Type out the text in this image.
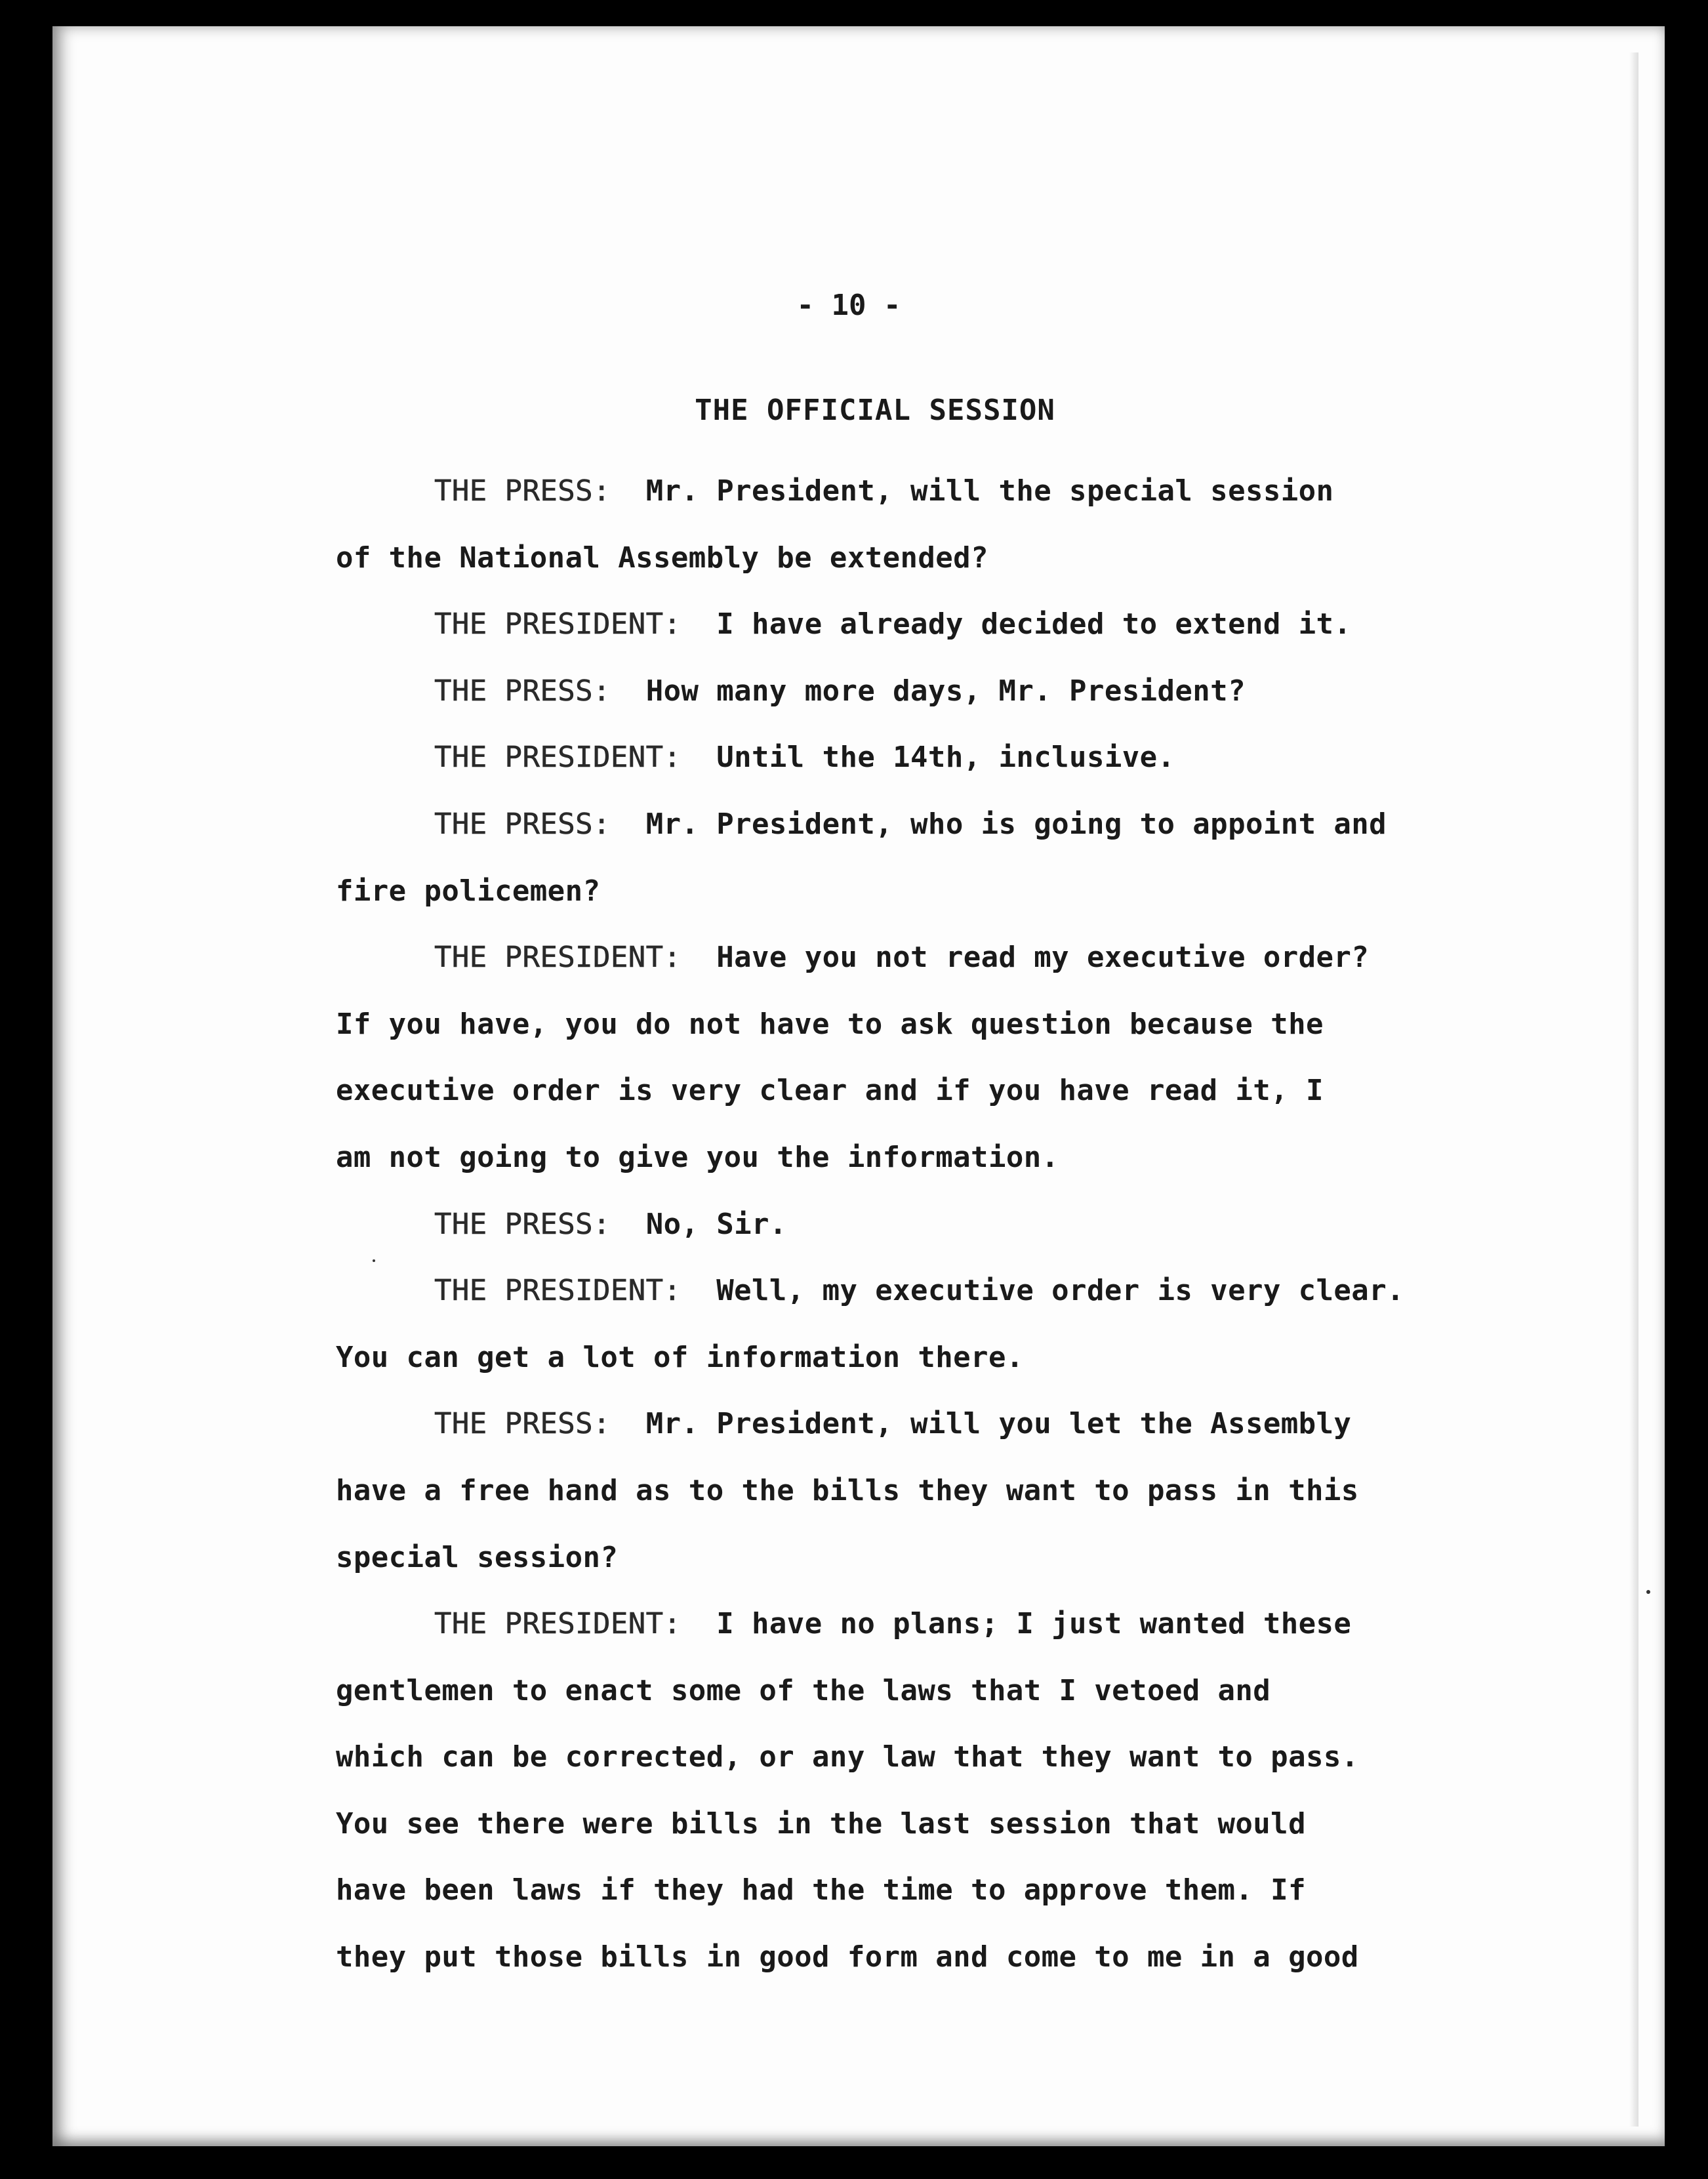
- 10 -
THE OFFICIAL SESSION
THE PRESS: Mr. President, will the special session
of the National Assembly be extended?
THE PRESIDENT: I have already decided to extend it.
THE PRESS: How many more days, Mr. President?
THE PRESIDENT: Until the 14th, inclusive.
THE PRESS: Mr. President, who is going to appoint and
fire policemen?
THE PRESIDENT: Have you not read my executive order?
If you have, you do not have to ask question because the
executive order is very clear and if you have read it, I
am not going to give you the information.
THE PRESS: No, Sir.
THE PRESIDENT: Well, my executive order is very clear.
You can get a lot of information there.
THE PRESS: Mr. President, will you let the Assembly
have a free hand as to the bills they want to pass in this
special session?
THE PRESIDENT: I have no plans; I just wanted these
gentlemen to enact some of the laws that I vetoed and
which can be corrected, or any law that they want to pass.
You see there were bills in the last session that would
have been laws if they had the time to approve them. If
they put those bills in good form and come to me in a good
